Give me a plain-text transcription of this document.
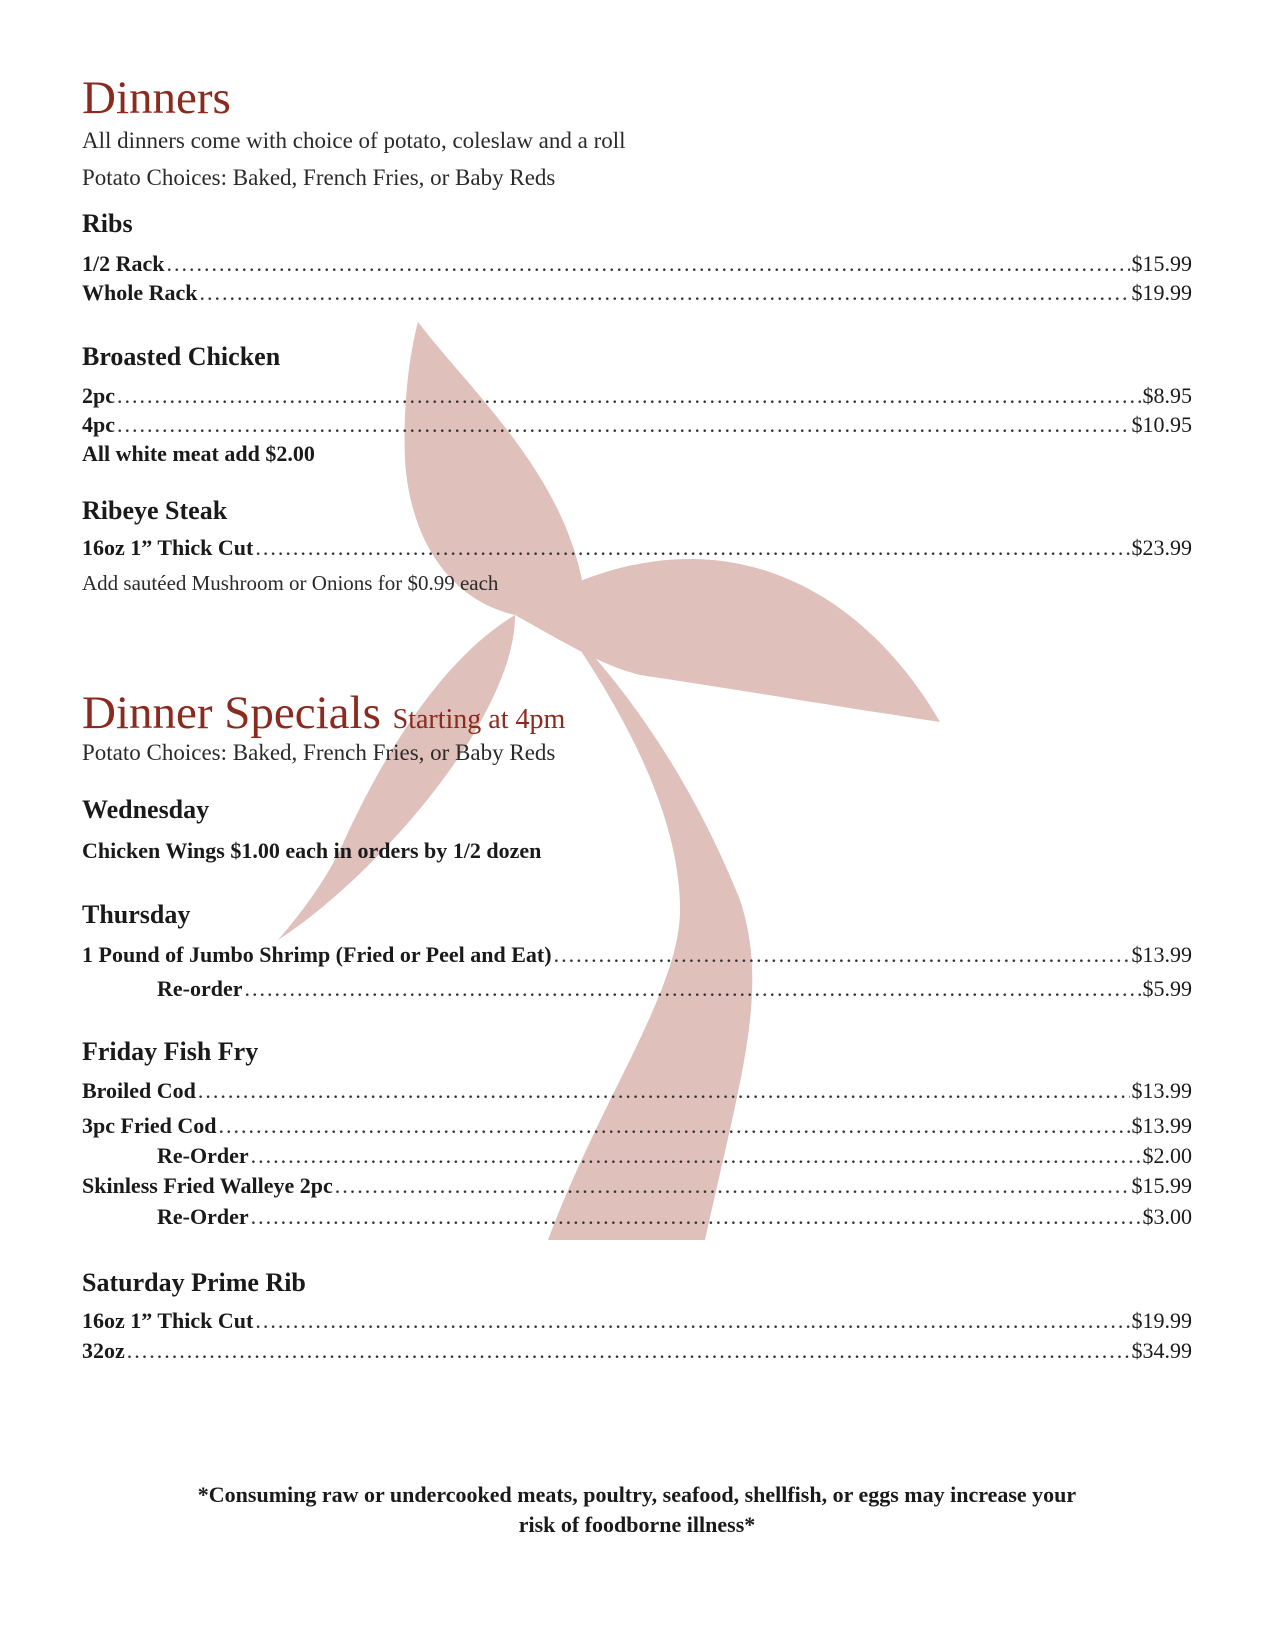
Dinners
All dinners come with choice of potato, coleslaw and a roll
Potato Choices: Baked, French Fries, or Baby Reds
Ribs
1/2 Rack .....	$15.99
Whole Rack .....	$19.99
Broasted Chicken
2pc .....	$8.95
4pc .....	$10.95
All white meat add $2.00
Ribeye Steak
16oz 1” Thick Cut .....	$23.99
Add sautéed Mushroom or Onions for $0.99 each
Dinner Specials Starting at 4pm
Potato Choices: Baked, French Fries, or Baby Reds
Wednesday
Chicken Wings $1.00 each in orders by 1/2 dozen
Thursday
1 Pound of Jumbo Shrimp (Fried or Peel and Eat) .....	$13.99
Re-order .....	$5.99
Friday Fish Fry
Broiled Cod .....	$13.99
3pc Fried Cod .....	$13.99
Re-Order .....	$2.00
Skinless Fried Walleye 2pc .....	$15.99
Re-Order .....	$3.00
Saturday Prime Rib
16oz 1” Thick Cut .....	$19.99
32oz .....	$34.99
*Consuming raw or undercooked meats, poultry, seafood, shellfish, or eggs may increase your
risk of foodborne illness*
